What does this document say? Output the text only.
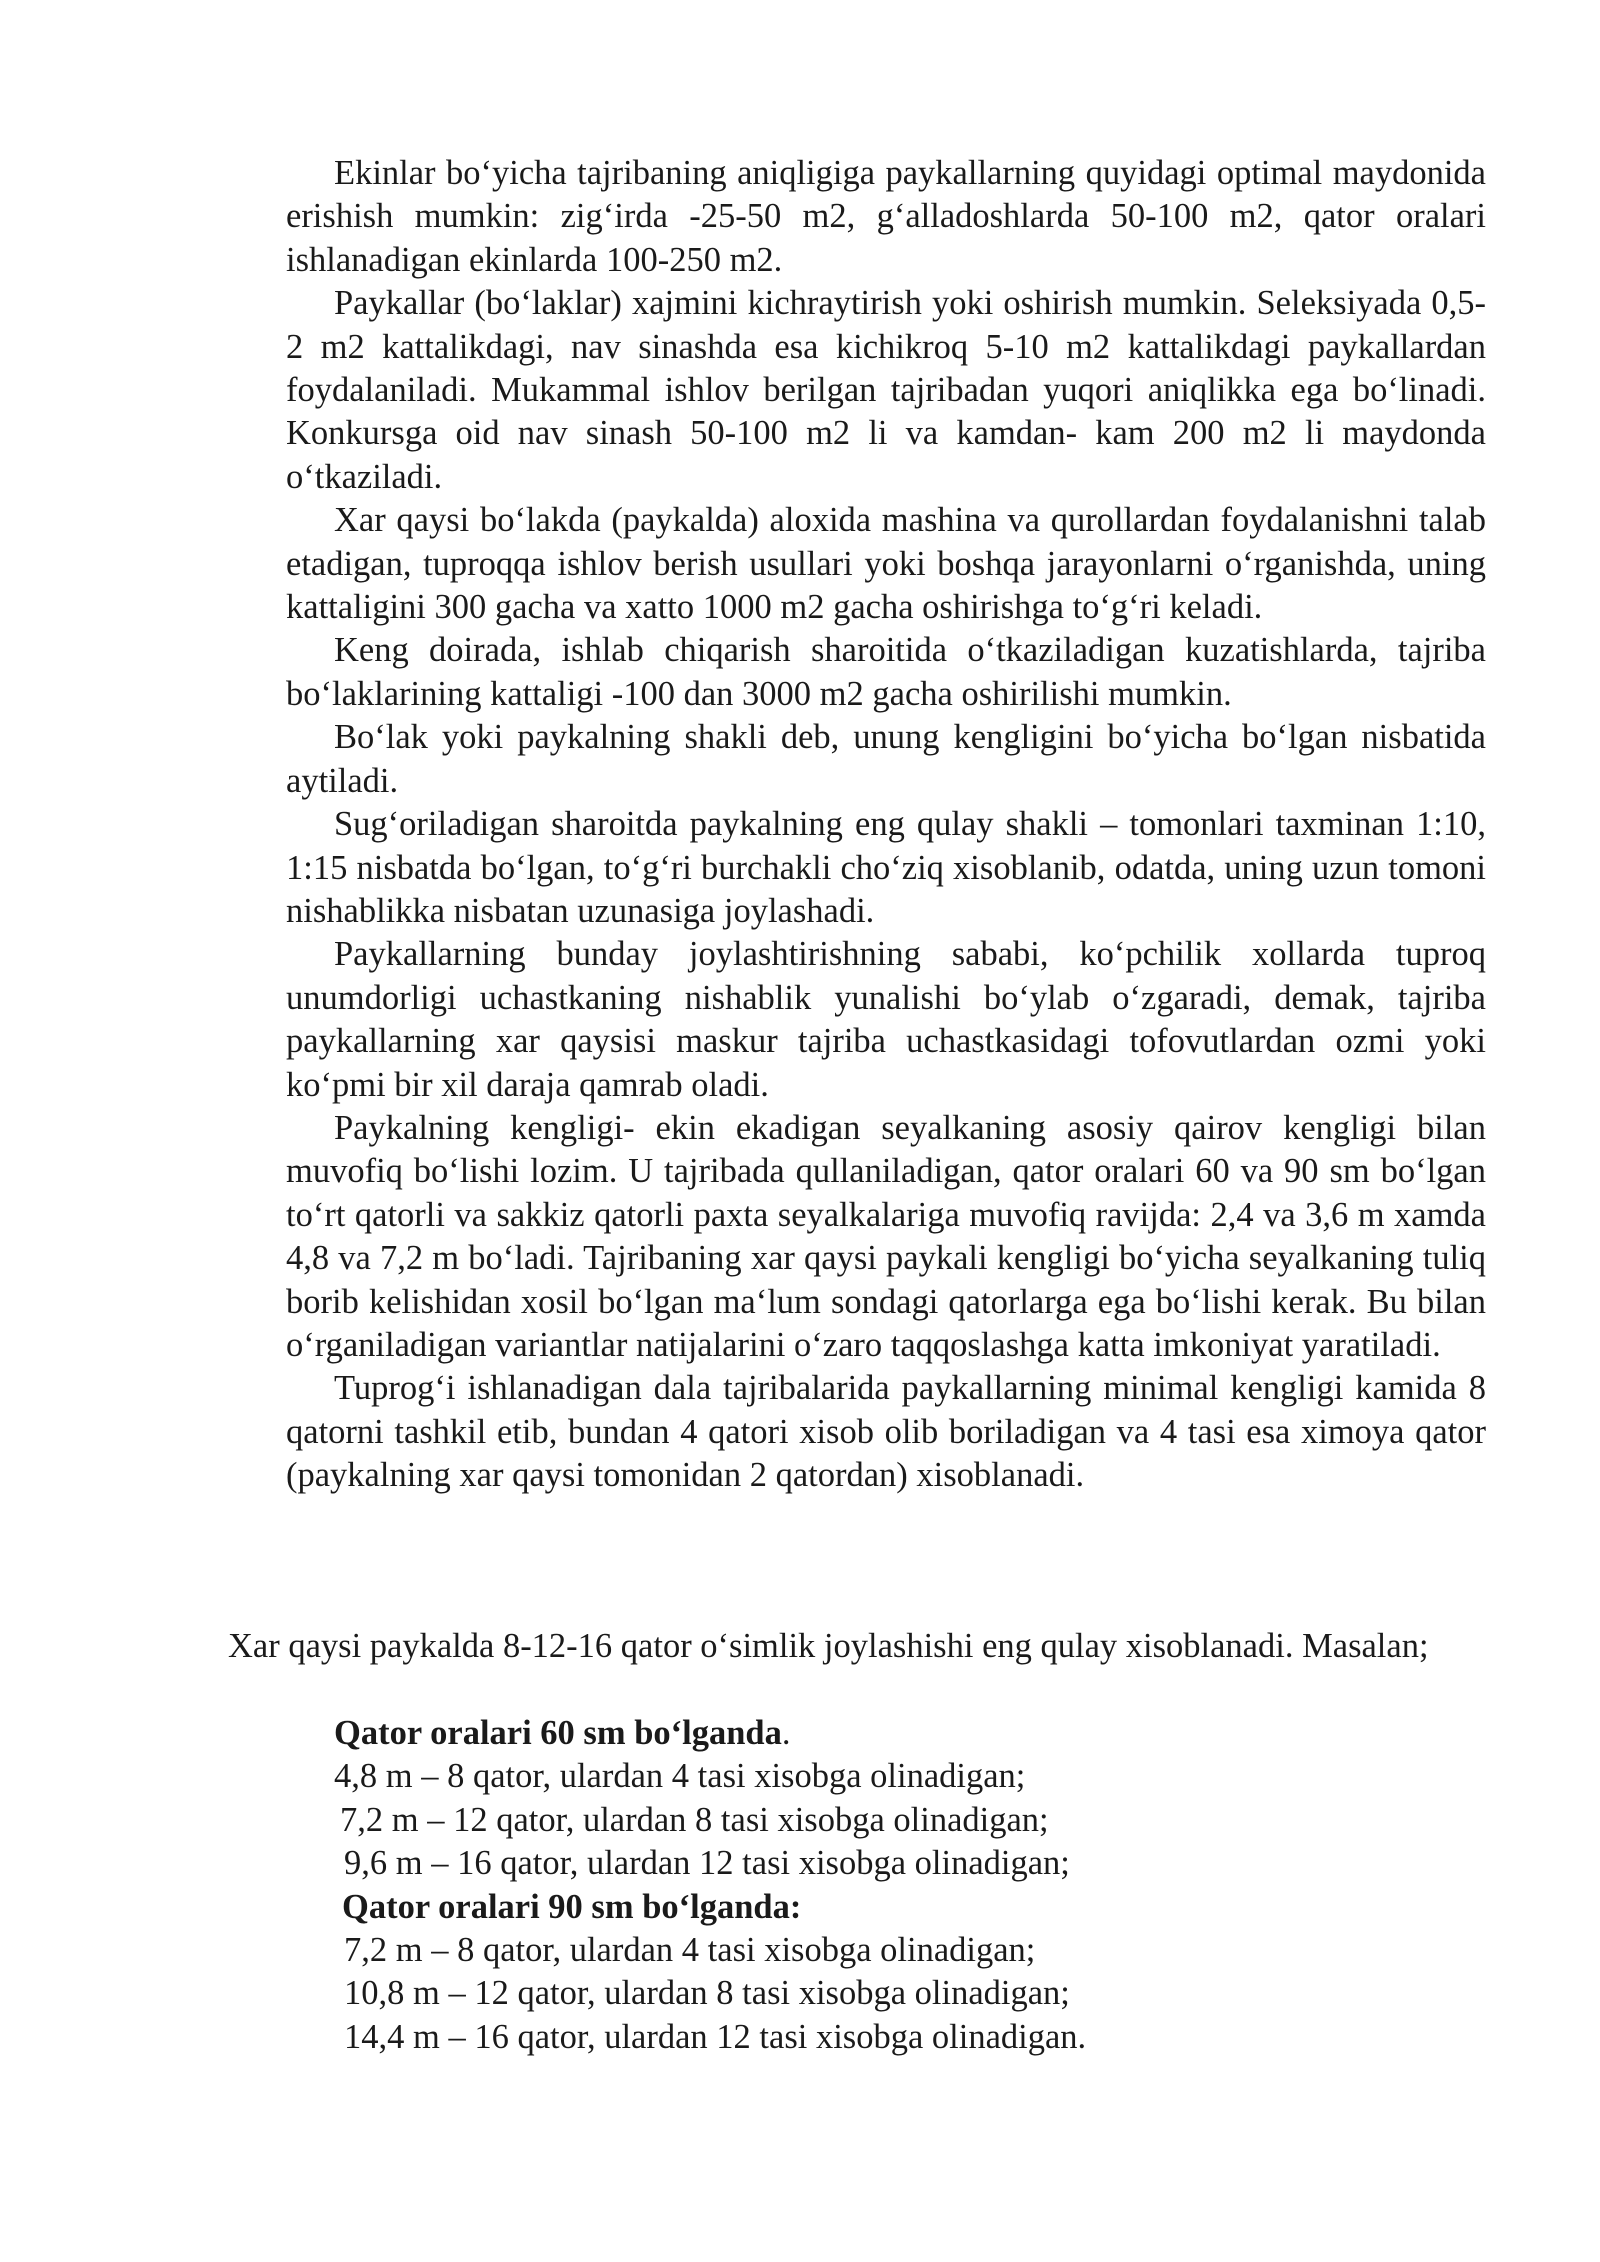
Ekinlar bo‘yicha tajribaning aniqligiga paykallarning quyidagi optimal maydonida erishish mumkin: zig‘irda -25-50 m2, g‘alladoshlarda 50-100 m2, qator oralari ishlanadigan ekinlarda 100-250 m2.

Paykallar (bo‘laklar) xajmini kichraytirish yoki oshirish mumkin. Seleksiyada 0,5- 2 m2 kattalikdagi, nav sinashda esa kichikroq 5-10 m2 kattalikdagi paykallardan foydalaniladi. Mukammal ishlov berilgan tajribadan yuqori aniqlikka ega bo‘linadi. Konkursga oid nav sinash 50-100 m2 li va kamdan- kam 200 m2 li maydonda o‘tkaziladi.

Xar qaysi bo‘lakda (paykalda) aloxida mashina va qurollardan foydalanishni talab etadigan, tuproqqa ishlov berish usullari yoki boshqa jarayonlarni o‘rganishda, uning kattaligini 300 gacha va xatto 1000 m2 gacha oshirishga to‘g‘ri keladi.

Keng doirada, ishlab chiqarish sharoitida o‘tkaziladigan kuzatishlarda, tajriba bo‘laklarining kattaligi -100 dan 3000 m2 gacha oshirilishi mumkin.

Bo‘lak yoki paykalning shakli deb, unung kengligini bo‘yicha bo‘lgan nisbatida aytiladi.

Sug‘oriladigan sharoitda paykalning eng qulay shakli – tomonlari taxminan 1:10, 1:15 nisbatda bo‘lgan, to‘g‘ri burchakli cho‘ziq xisoblanib, odatda, uning uzun tomoni nishablikka nisbatan uzunasiga joylashadi.

Paykallarning bunday joylashtirishning sababi, ko‘pchilik xollarda tuproq unumdorligi uchastkaning nishablik yunalishi bo‘ylab o‘zgaradi, demak, tajriba paykallarning xar qaysisi maskur tajriba uchastkasidagi tofovutlardan ozmi yoki ko‘pmi bir xil daraja qamrab oladi.

Paykalning kengligi- ekin ekadigan seyalkaning asosiy qairov kengligi bilan muvofiq bo‘lishi lozim. U tajribada qullaniladigan, qator oralari 60 va 90 sm bo‘lgan to‘rt qatorli va sakkiz qatorli paxta seyalkalariga muvofiq ravijda: 2,4 va 3,6 m xamda 4,8 va 7,2 m bo‘ladi. Tajribaning xar qaysi paykali kengligi bo‘yicha seyalkaning tuliq borib kelishidan xosil bo‘lgan ma‘lum sondagi qatorlarga ega bo‘lishi kerak. Bu bilan o‘rganiladigan variantlar natijalarini o‘zaro taqqoslashga katta imkoniyat yaratiladi.

Tuprog‘i ishlanadigan dala tajribalarida paykallarning minimal kengligi kamida 8 qatorni tashkil etib, bundan 4 qatori xisob olib boriladigan va 4 tasi esa ximoya qator (paykalning xar qaysi tomonidan 2 qatordan) xisoblanadi.

Xar qaysi paykalda 8-12-16 qator o‘simlik joylashishi eng qulay xisoblanadi. Masalan;

Qator oralari 60 sm bo‘lganda.
4,8 m – 8 qator, ulardan 4 tasi xisobga olinadigan;
7,2 m – 12 qator, ulardan 8 tasi xisobga olinadigan;
9,6 m – 16 qator, ulardan 12 tasi xisobga olinadigan;
Qator oralari 90 sm bo‘lganda:
7,2 m – 8 qator, ulardan 4 tasi xisobga olinadigan;
10,8 m – 12 qator, ulardan 8 tasi xisobga olinadigan;
14,4 m – 16 qator, ulardan 12 tasi xisobga olinadigan.
